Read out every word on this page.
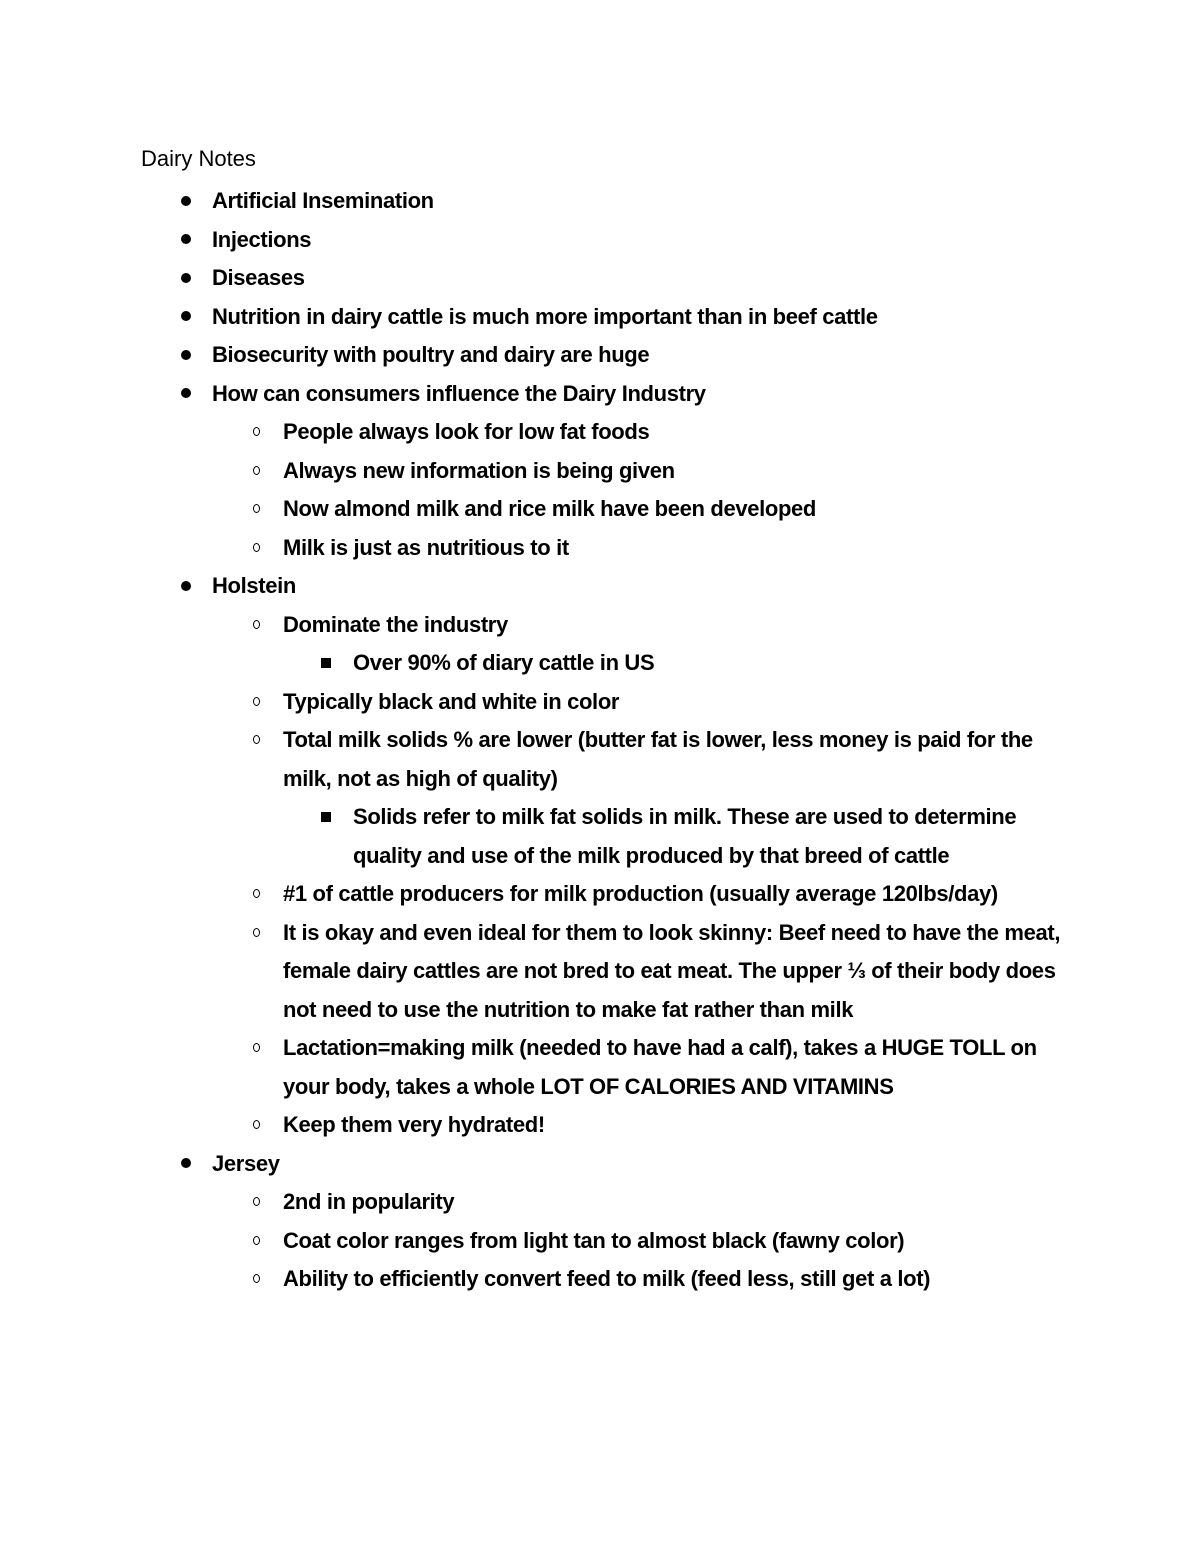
Dairy Notes
Artificial Insemination
Injections
Diseases
Nutrition in dairy cattle is much more important than in beef cattle
Biosecurity with poultry and dairy are huge
How can consumers influence the Dairy Industry
People always look for low fat foods
Always new information is being given
Now almond milk and rice milk have been developed
Milk is just as nutritious to it
Holstein
Dominate the industry
Over 90% of diary cattle in US
Typically black and white in color
Total milk solids % are lower (butter fat is lower, less money is paid for the milk, not as high of quality)
Solids refer to milk fat solids in milk. These are used to determine quality and use of the milk produced by that breed of cattle
#1 of cattle producers for milk production (usually average 120lbs/day)
It is okay and even ideal for them to look skinny: Beef need to have the meat, female dairy cattles are not bred to eat meat. The upper ⅓ of their body does not need to use the nutrition to make fat rather than milk
Lactation=making milk (needed to have had a calf), takes a HUGE TOLL on your body, takes a whole LOT OF CALORIES AND VITAMINS
Keep them very hydrated!
Jersey
2nd in popularity
Coat color ranges from light tan to almost black (fawny color)
Ability to efficiently convert feed to milk (feed less, still get a lot)
